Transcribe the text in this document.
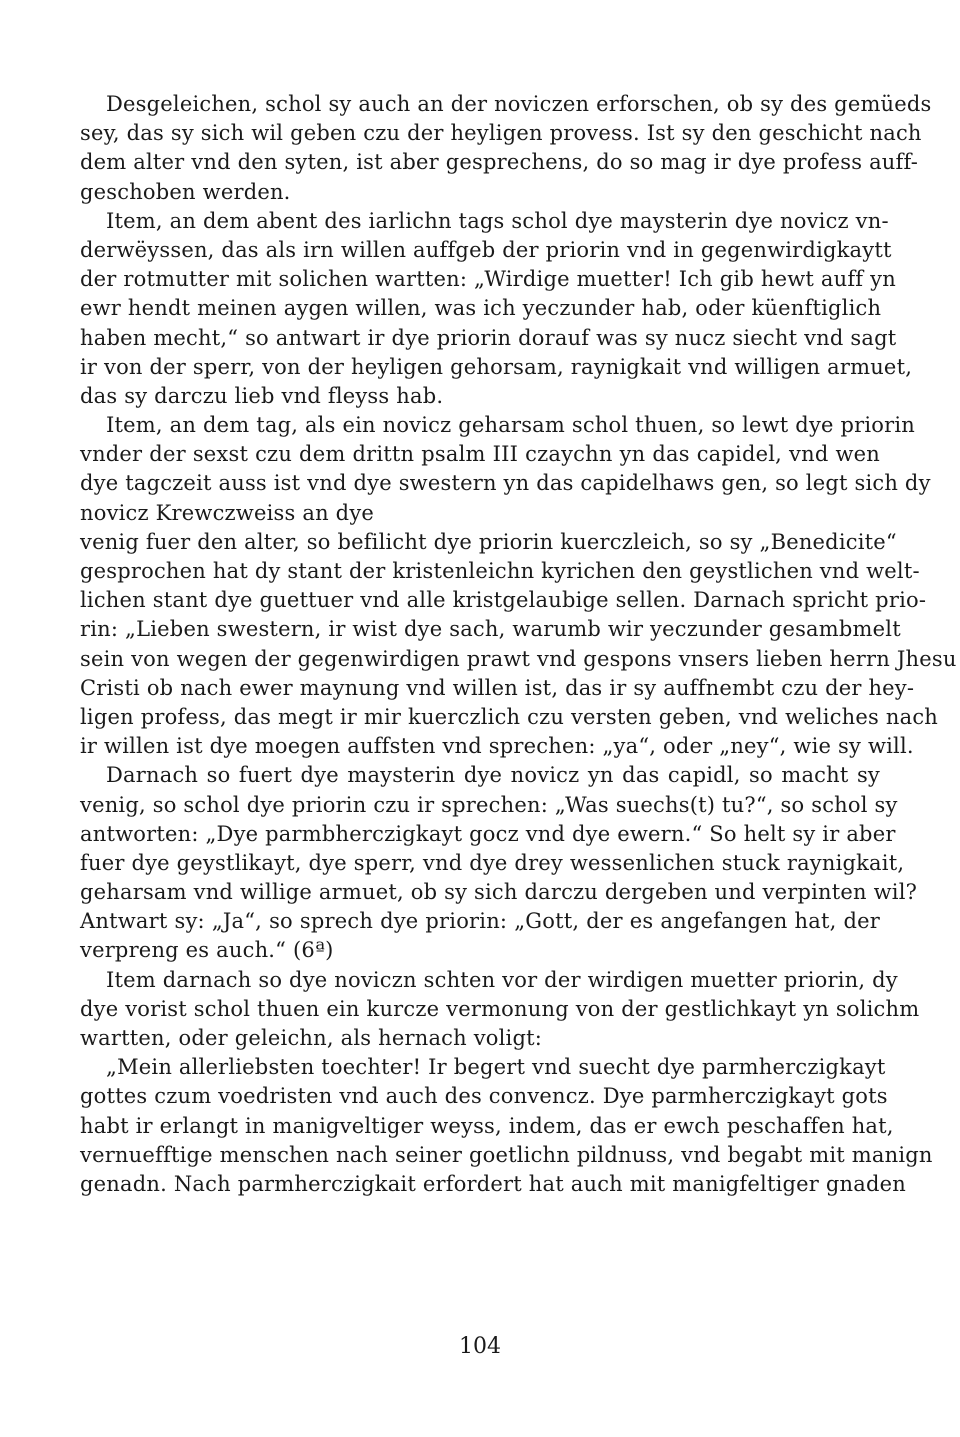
Desgeleichen, schol sy auch an der noviczen erforschen, ob sy des gemüeds
sey, das sy sich wil geben czu der heyligen provess. Ist sy den geschicht nach
dem alter vnd den syten, ist aber gesprechens, do so mag ir dye profess auff-
geschoben werden.
Item, an dem abent des iarlichn tags schol dye maysterin dye novicz vn-
derwëyssen, das als irn willen auffgeb der priorin vnd in gegenwirdigkaytt
der rotmutter mit solichen wartten: „Wirdige muetter! Ich gib hewt auff yn
ewr hendt meinen aygen willen, was ich yeczunder hab, oder küenftiglich
haben mecht,“ so antwart ir dye priorin dorauf was sy nucz siecht vnd sagt
ir von der sperr, von der heyligen gehorsam, raynigkait vnd willigen armuet,
das sy darczu lieb vnd fleyss hab.
Item, an dem tag, als ein novicz geharsam schol thuen, so lewt dye priorin
vnder der sexst czu dem drittn psalm III czaychn yn das capidel, vnd wen
dye tagczeit auss ist vnd dye swestern yn das capidelhaws gen, so legt sich dy
novicz Krewczweiss an dye
venig fuer den alter, so befilicht dye priorin kuerczleich, so sy „Benedicite“
gesprochen hat dy stant der kristenleichn kyrichen den geystlichen vnd welt-
lichen stant dye guettuer vnd alle kristgelaubige sellen. Darnach spricht prio-
rin: „Lieben swestern, ir wist dye sach, warumb wir yeczunder gesambmelt
sein von wegen der gegenwirdigen prawt vnd gespons vnsers lieben herrn Jhesu
Cristi ob nach ewer maynung vnd willen ist, das ir sy auffnembt czu der hey-
ligen profess, das megt ir mir kuerczlich czu versten geben, vnd weliches nach
ir willen ist dye moegen auffsten vnd sprechen: „ya“, oder „ney“, wie sy will.
Darnach so fuert dye maysterin dye novicz yn das capidl, so macht sy
venig, so schol dye priorin czu ir sprechen: „Was suechs(t) tu?“, so schol sy
antworten: „Dye parmbherczigkayt gocz vnd dye ewern.“ So helt sy ir aber
fuer dye geystlikayt, dye sperr, vnd dye drey wessenlichen stuck raynigkait,
geharsam vnd willige armuet, ob sy sich darczu dergeben und verpinten wil?
Antwart sy: „Ja“, so sprech dye priorin: „Gott, der es angefangen hat, der
verpreng es auch.“ (6ª)
Item darnach so dye noviczn schten vor der wirdigen muetter priorin, dy
dye vorist schol thuen ein kurcze vermonung von der gestlichkayt yn solichm
wartten, oder geleichn, als hernach voligt:
„Mein allerliebsten toechter! Ir begert vnd suecht dye parmherczigkayt
gottes czum voedristen vnd auch des convencz. Dye parmherczigkayt gots
habt ir erlangt in manigveltiger weyss, indem, das er ewch peschaffen hat,
vernuefftige menschen nach seiner goetlichn pildnuss, vnd begabt mit manign
genadn. Nach parmherczigkait erfordert hat auch mit manigfeltiger gnaden
104
